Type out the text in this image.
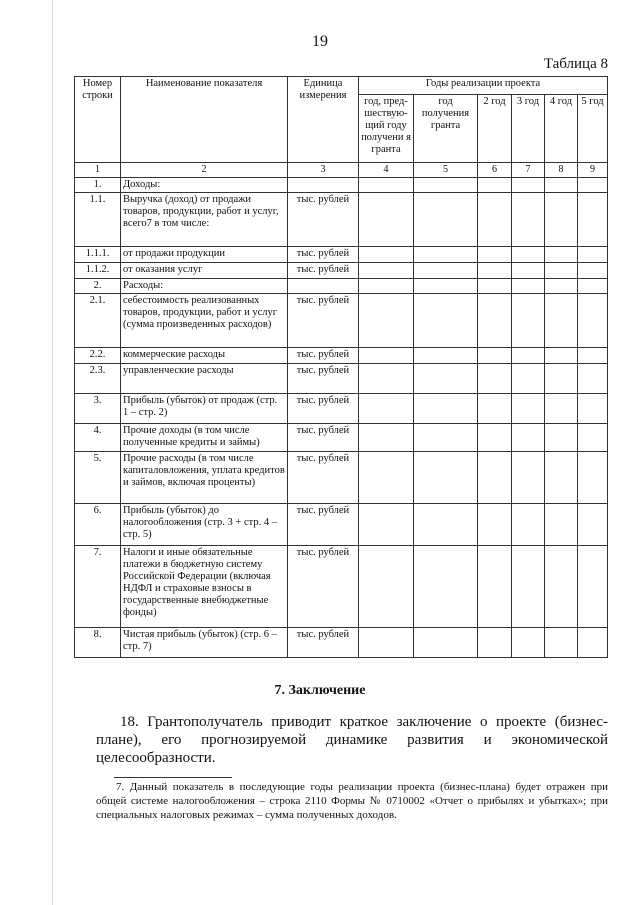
19
Таблица 8
Номер строки	Наименование показателя	Единица измерения	Годы реализации проекта					
			год, пред-шествую-щий году получени я гранта	год получения гранта	2 год	3 год	4 год	5 год
1	2	3	4	5	6	7	8	9
1.	Доходы:							
1.1.	Выручка (доход) от продажи товаров, продукции, работ и услуг, всего7 в том числе:	тыс. рублей						
1.1.1.	от продажи продукции	тыс. рублей						
1.1.2.	от оказания услуг	тыс. рублей						
2.	Расходы:							
2.1.	себестоимость реализованных товаров, продукции, работ и услуг (сумма произведенных расходов)	тыс. рублей						
2.2.	коммерческие расходы	тыс. рублей						
2.3.	управленческие расходы	тыс. рублей						
3.	Прибыль (убыток) от продаж (стр. 1 – стр. 2)	тыс. рублей						
4.	Прочие доходы (в том числе полученные кредиты и займы)	тыс. рублей						
5.	Прочие расходы (в том числе капиталовложения, уплата кредитов и займов, включая проценты)	тыс. рублей						
6.	Прибыль (убыток) до налогообложения (стр. 3 + стр. 4 – стр. 5)	тыс. рублей						
7.	Налоги и иные обязательные платежи в бюджетную систему Российской Федерации (включая НДФЛ и страховые взносы в государственные внебюджетные фонды)	тыс. рублей						
8.	Чистая прибыль (убыток) (стр. 6 – стр. 7)	тыс. рублей						
7. Заключение
18. Грантополучатель приводит краткое заключение о проекте (бизнес-плане), его прогнозируемой динамике развития и экономической целесообразности.
7. Данный показатель в последующие годы реализации проекта (бизнес-плана) будет отражен при общей системе налогообложения – строка 2110 Формы № 0710002 «Отчет о прибылях и убытках»; при специальных налоговых режимах – сумма полученных доходов.
